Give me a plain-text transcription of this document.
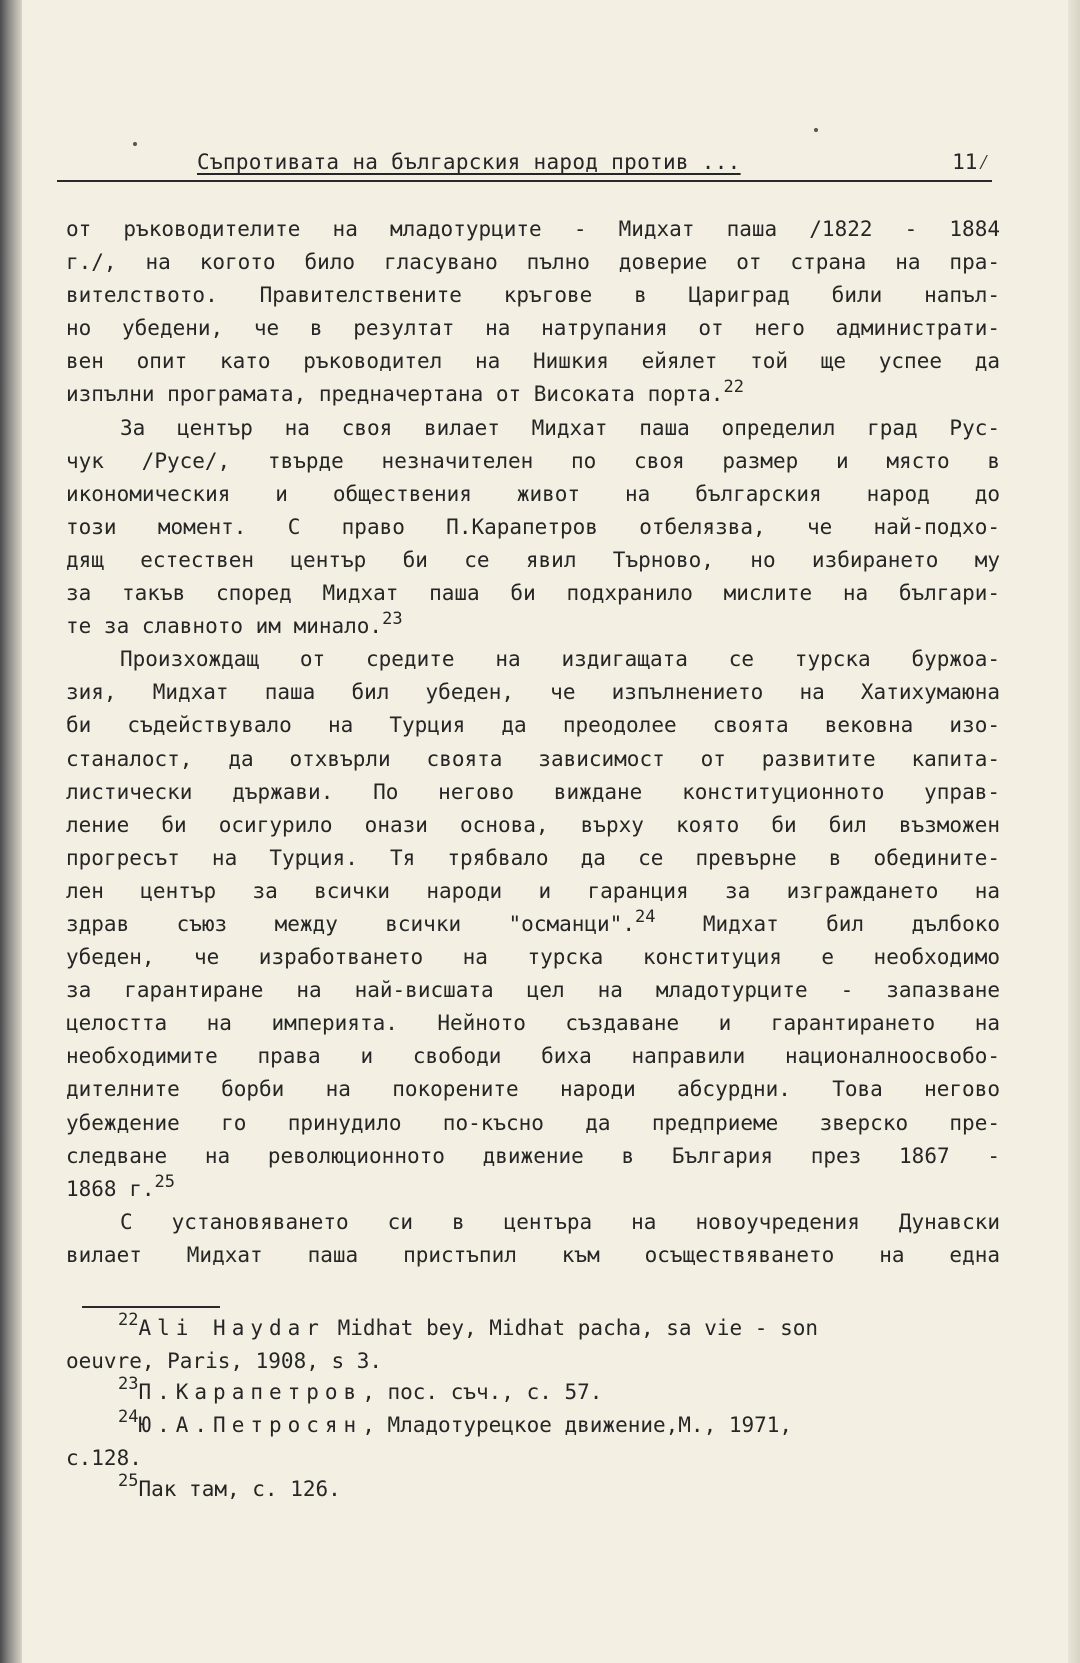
Съпротивата на българския народ против ...	11⁄
от ръководителите на младотурците - Мидхат паша /1822 - 1884
г./, на когото било гласувано пълно доверие от страна на пра-
вителството. Правителствените кръгове в Цариград били напъл-
но убедени, че в резултат на натрупания от него администрати-
вен опит като ръководител на Нишкия ейялет той ще успее да
изпълни програмата, предначертана от Високата порта.$^{22}$
За център на своя вилает Мидхат паша определил град Рус-
чук /Русе/, твърде незначителен по своя размер и място в
икономическия и обществения живот на българския народ до
този момент. С право П.Карапетров отбелязва, че най-подхо-
дящ естествен център би се явил Търново, но избирането му
за такъв според Мидхат паша би подхранило мислите на българи-
те за славното им минало.$^{23}$
Произхождащ от средите на издигащата се турска буржоа-
зия, Мидхат паша бил убеден, че изпълнението на Хатихумаюна
би съдействувало на Турция да преодолее своята вековна изо-
станалост, да отхвърли своята зависимост от развитите капита-
листически държави. По негово виждане конституционното управ-
ление би осигурило онази основа, върху която би бил възможен
прогресът на Турция. Тя трябвало да се превърне в обедините-
лен център за всички народи и гаранция за изграждането на
здрав съюз между всички "османци".$^{24}$ Мидхат бил дълбоко
убеден, че изработването на турска конституция е необходимо
за гарантиране на най-висшата цел на младотурците - запазване
целостта на империята. Нейното създаване и гарантирането на
необходимите права и свободи биха направили националноосвобо-
дителните борби на покорените народи абсурдни. Това негово
убеждение го принудило по-късно да предприеме зверско пре-
следване на революционното движение в България през 1867 -
1868 г.$^{25}$
С установяването си в центъра на новоучредения Дунавски
вилает Мидхат паша пристъпил към осъществяването на една
$^{22}$Ali Haydar Midhat bey, Midhat pacha, sa vie - son
oeuvre, Paris, 1908, s 3.
$^{23}$П.Карапетров, пос. съч., с. 57.
$^{24}$Ю.А.Петросян, Младотурецкое движение,М., 1971,
с.128.
$^{25}$Пак там, с. 126.
